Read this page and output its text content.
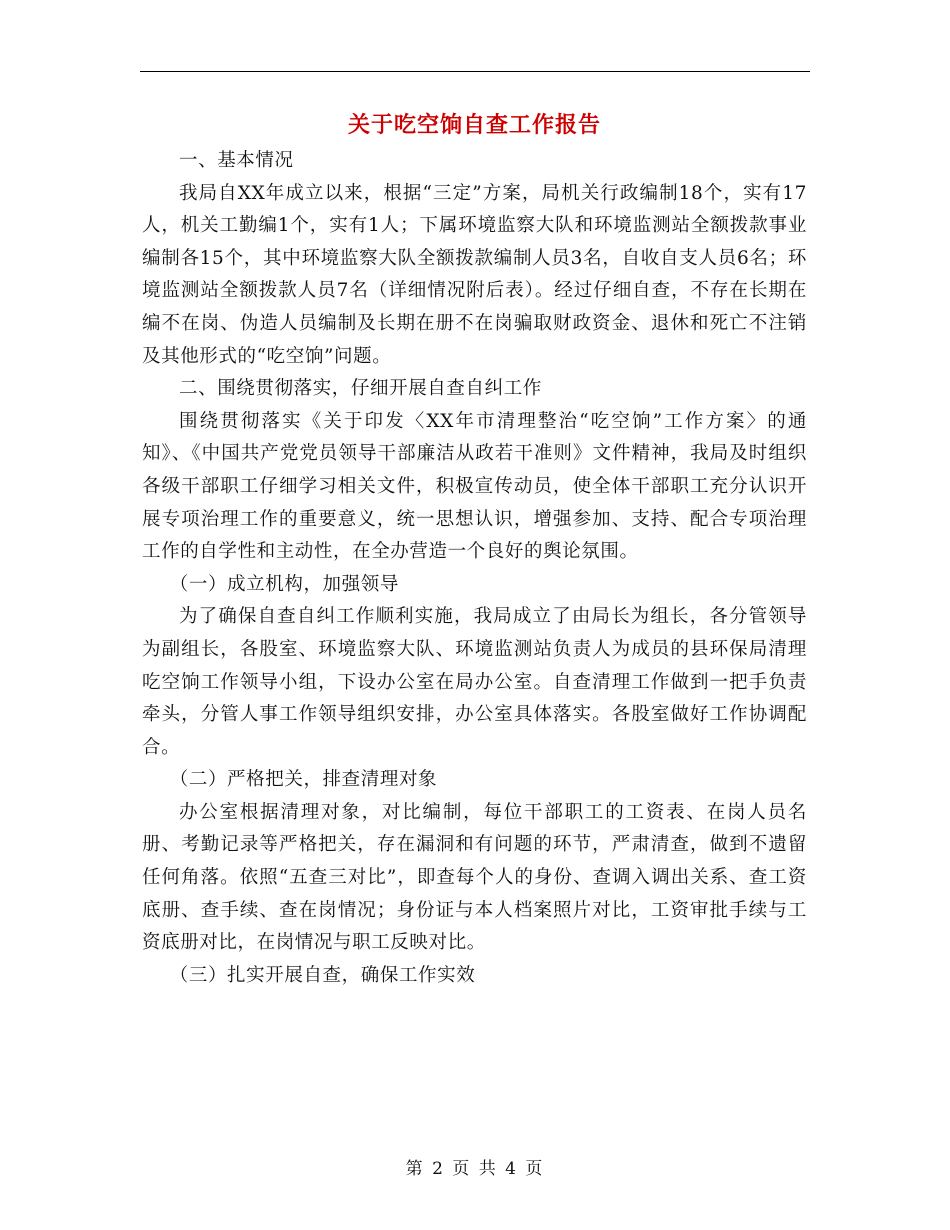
关于吃空饷自查工作报告

一、基本情况

我局自XX年成立以来，根据“三定”方案，局机关行政编制18个，实有17人，机关工勤编1个，实有1人；下属环境监察大队和环境监测站全额拨款事业编制各15个，其中环境监察大队全额拨款编制人员3名，自收自支人员6名；环境监测站全额拨款人员7名（详细情况附后表）。经过仔细自查，不存在长期在编不在岗、伪造人员编制及长期在册不在岗骗取财政资金、退休和死亡不注销及其他形式的“吃空饷”问题。

二、围绕贯彻落实，仔细开展自查自纠工作

围绕贯彻落实《关于印发〈XX年市清理整治“吃空饷”工作方案〉的通知》、《中国共产党党员领导干部廉洁从政若干准则》文件精神，我局及时组织各级干部职工仔细学习相关文件，积极宣传动员，使全体干部职工充分认识开展专项治理工作的重要意义，统一思想认识，增强参加、支持、配合专项治理工作的自学性和主动性，在全办营造一个良好的舆论氛围。

（一）成立机构，加强领导

为了确保自查自纠工作顺利实施，我局成立了由局长为组长，各分管领导为副组长，各股室、环境监察大队、环境监测站负责人为成员的县环保局清理吃空饷工作领导小组，下设办公室在局办公室。自查清理工作做到一把手负责牵头，分管人事工作领导组织安排，办公室具体落实。各股室做好工作协调配合。

（二）严格把关，排查清理对象

办公室根据清理对象，对比编制，每位干部职工的工资表、在岗人员名册、考勤记录等严格把关，存在漏洞和有问题的环节，严肃清查，做到不遗留任何角落。依照“五查三对比”，即查每个人的身份、查调入调出关系、查工资底册、查手续、查在岗情况；身份证与本人档案照片对比，工资审批手续与工资底册对比，在岗情况与职工反映对比。

（三）扎实开展自查，确保工作实效

第 2 页 共 4 页
